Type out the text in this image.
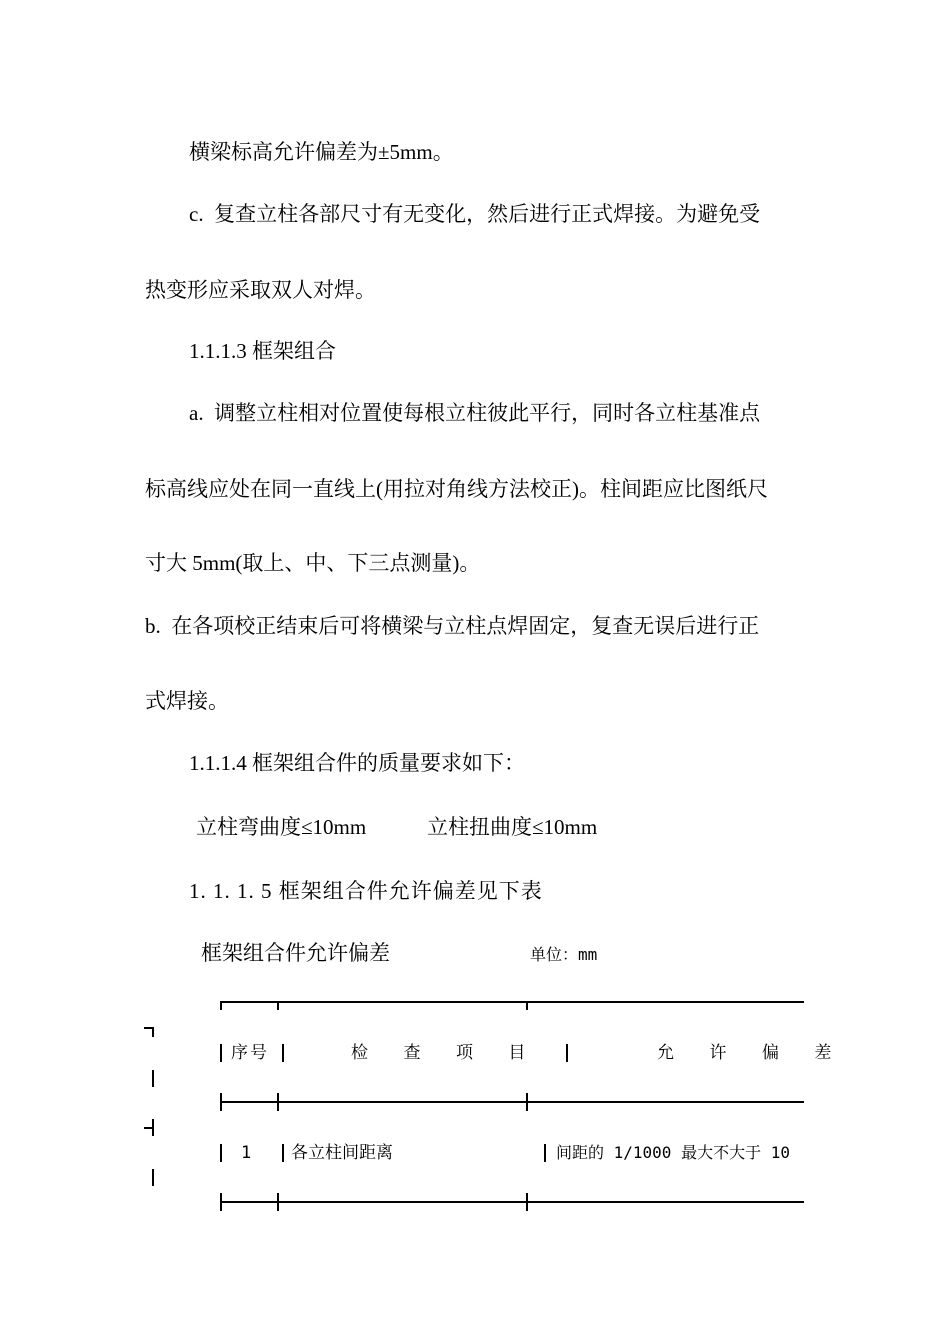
横梁标高允许偏差为±5mm。
c.  复查立柱各部尺寸有无变化，然后进行正式焊接。为避免受
热变形应采取双人对焊。
1.1.1.3 框架组合
a.  调整立柱相对位置使每根立柱彼此平行，同时各立柱基准点
标高线应处在同一直线上(用拉对角线方法校正)。柱间距应比图纸尺
寸大 5mm(取上、中、下三点测量)。
b.  在各项校正结束后可将横梁与立柱点焊固定，复查无误后进行正
式焊接。
1.1.1.4 框架组合件的质量要求如下：
立柱弯曲度≤10mm	立柱扭曲度≤10mm
1. 1. 1. 5 框架组合件允许偏差见下表
框架组合件允许偏差	单位：mm
序号	检  查  项  目	允  许  偏  差
1 各立柱间距离	间距的 1/1000 最大不大于 10
